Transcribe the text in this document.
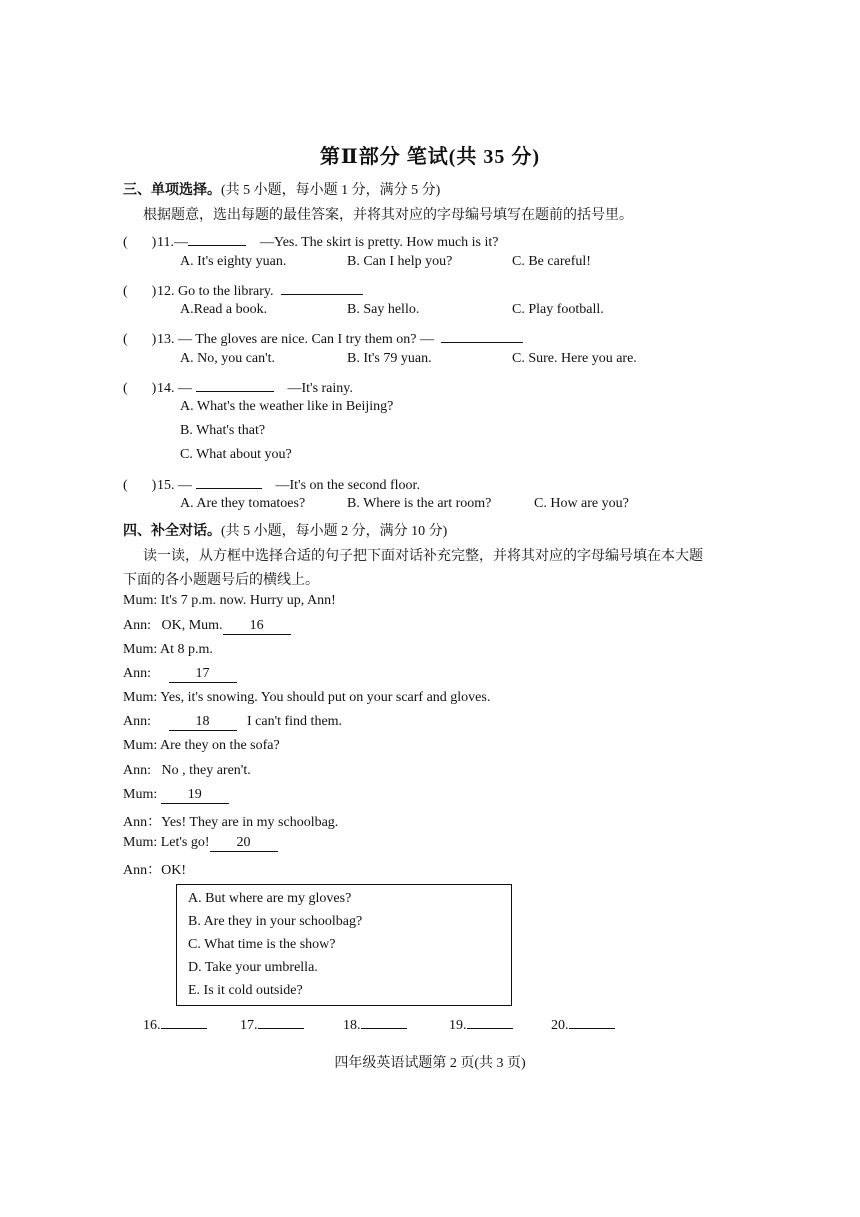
第Ⅱ部分 笔试(共 35 分)
三、单项选择。(共 5 小题，每小题 1 分，满分 5 分)
根据题意，选出每题的最佳答案，并将其对应的字母编号填写在题前的括号里。
( )11.—	—Yes. The skirt is pretty. How much is it?
A. It's eighty yuan.	B. Can I help you?	C. Be careful!
( )12. Go to the library.
A.Read a book.	B. Say hello.	C. Play football.
( )13. — The gloves are nice. Can I try them on? —
A. No, you can't.	B. It's 79 yuan.	C. Sure. Here you are.
( )14. —	—It's rainy.
A. What's the weather like in Beijing?
B. What's that?
C. What about you?
( )15. —	—It's on the second floor.
A. Are they tomatoes?	B. Where is the art room?	C. How are you?
四、补全对话。(共 5 小题，每小题 2 分，满分 10 分)
读一读，从方框中选择合适的句子把下面对话补充完整，并将其对应的字母编号填在本大题
下面的各小题题号后的横线上。
Mum: It's 7 p.m. now. Hurry up, Ann!
Ann: OK, Mum. 16
Mum: At 8 p.m.
Ann:	17
Mum: Yes, it's snowing. You should put on your scarf and gloves.
Ann:	18	I can't find them.
Mum: Are they on the sofa?
Ann: No , they aren't.
Mum: 19
Ann：Yes! They are in my schoolbag.
Mum: Let's go! 20
Ann：OK!
A. But where are my gloves?
B. Are they in your schoolbag?
C. What time is the show?
D. Take your umbrella.
E. Is it cold outside?
16.	17.	18.	19.	20.
四年级英语试题第 2 页(共 3 页)
